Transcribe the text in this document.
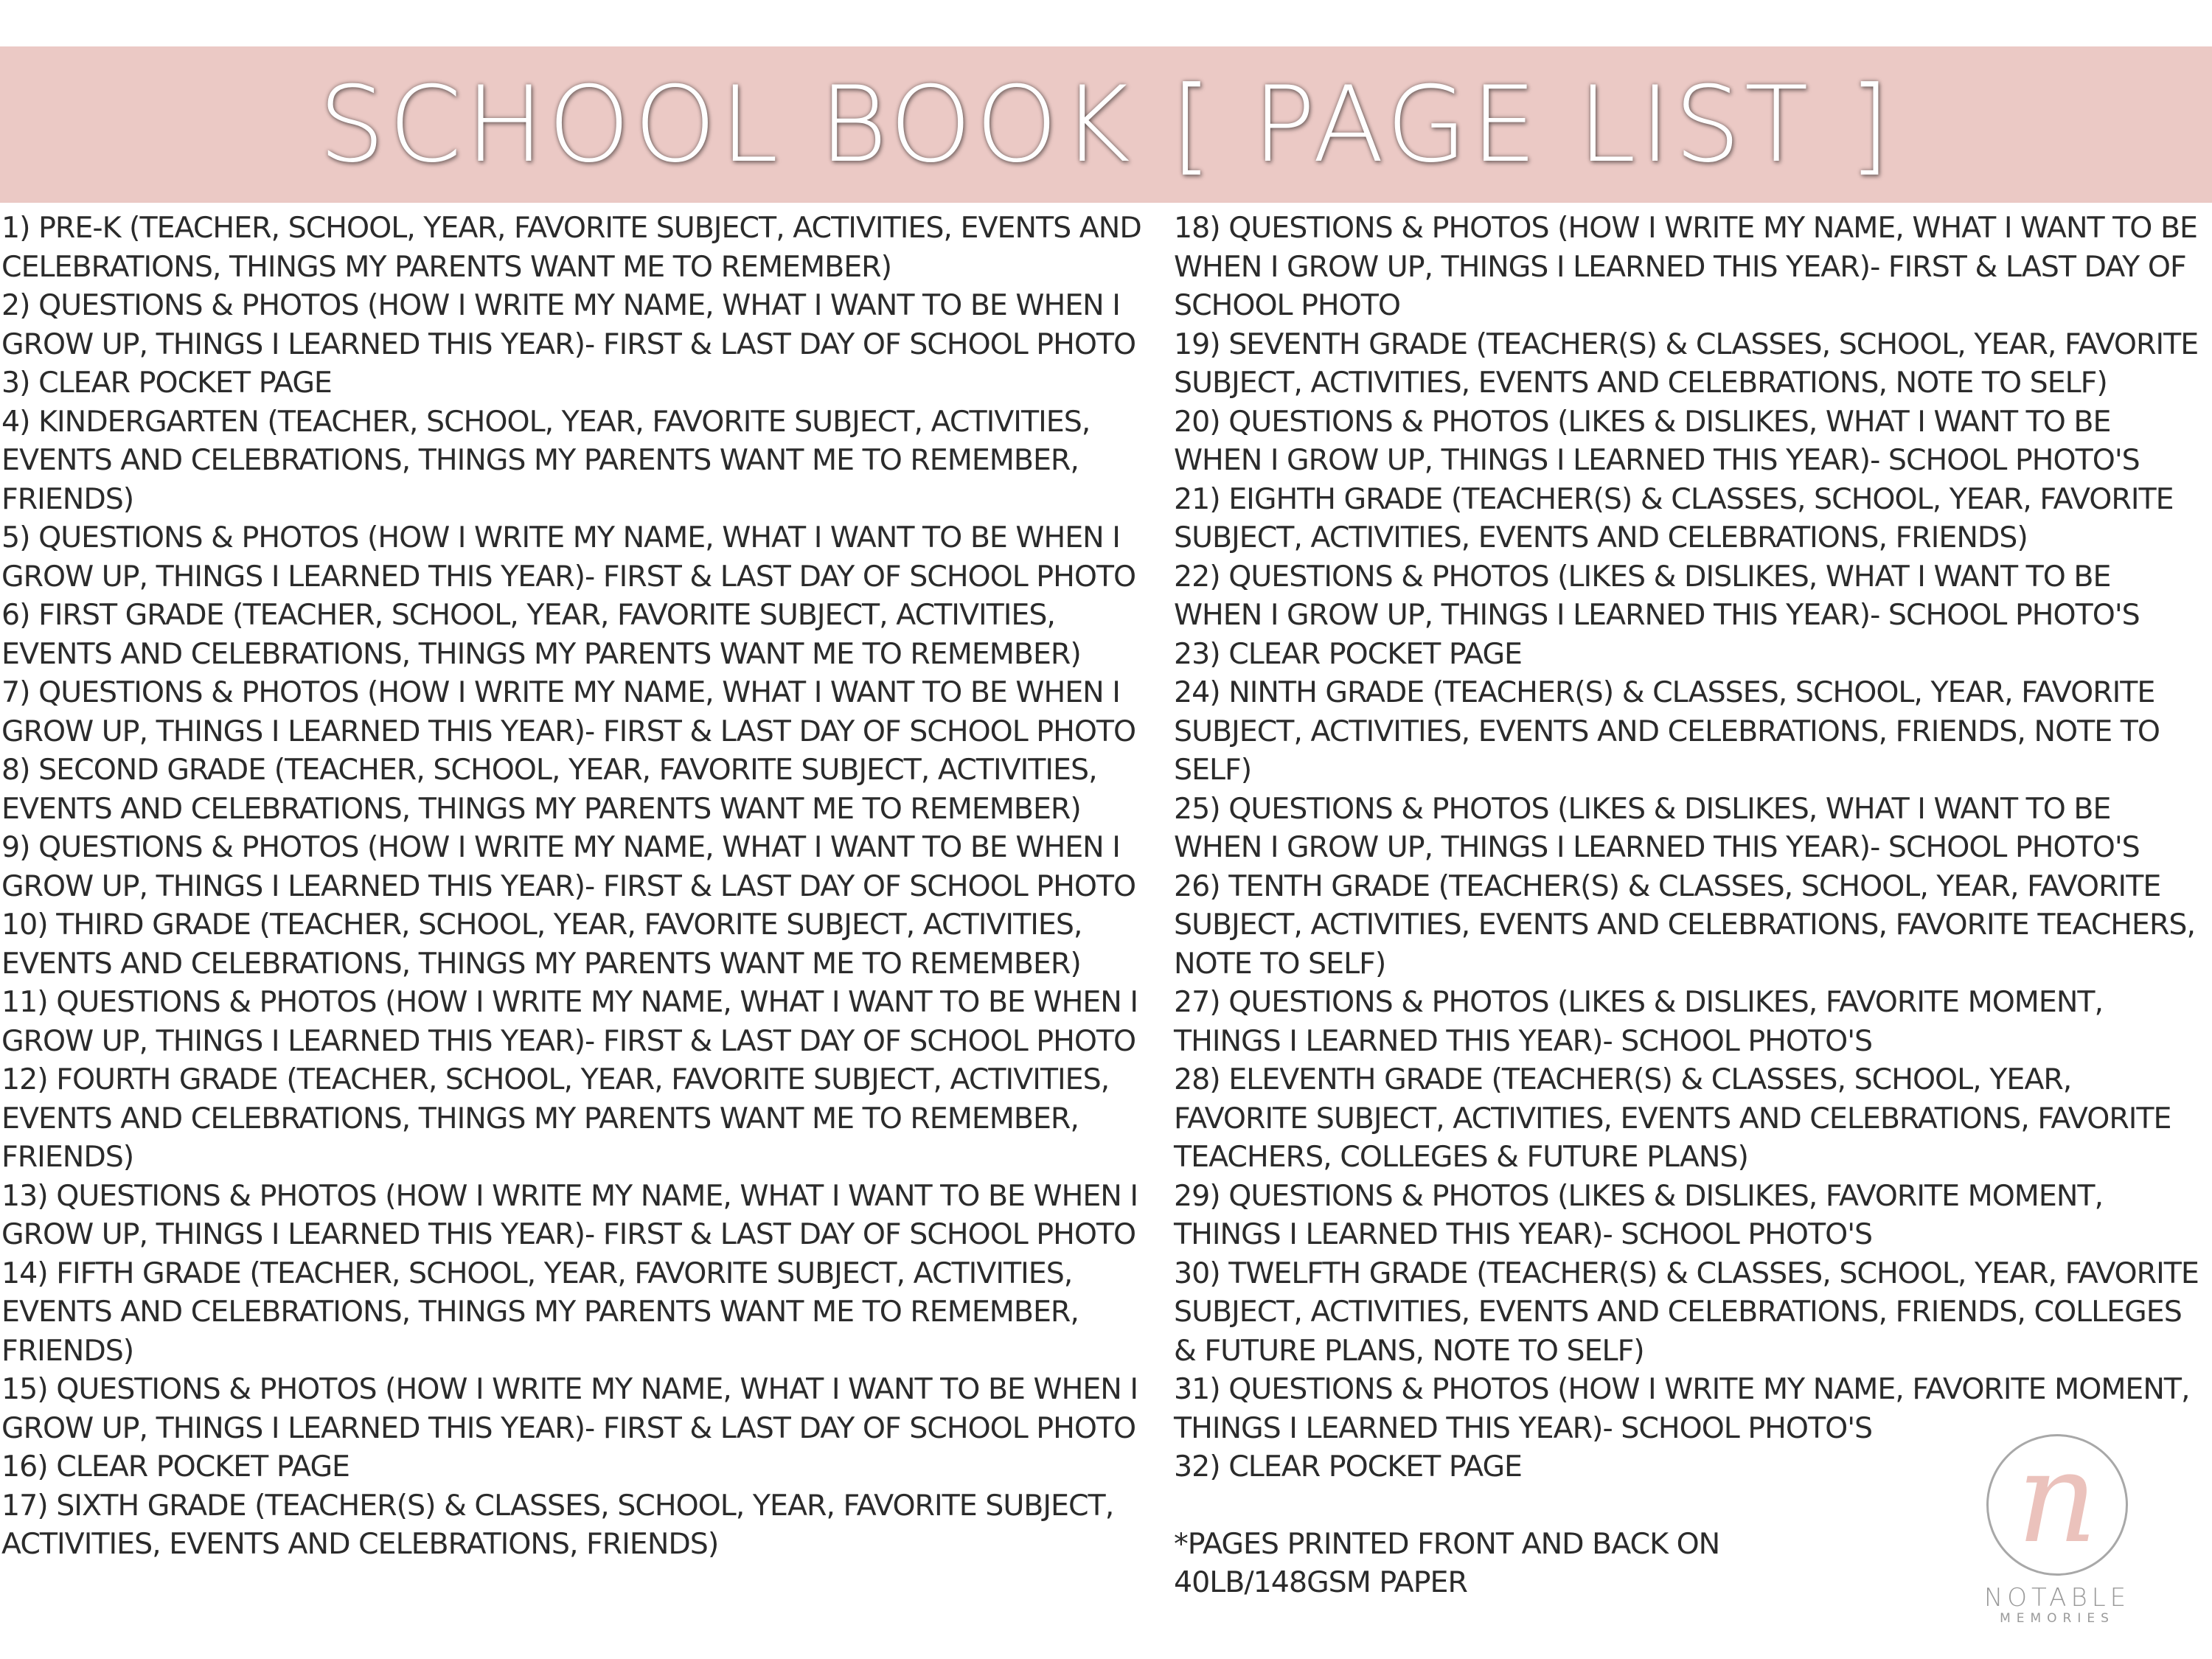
SCHOOL BOOK [ PAGE LIST ]
1) PRE-K (TEACHER, SCHOOL, YEAR, FAVORITE SUBJECT, ACTIVITIES, EVENTS AND CELEBRATIONS, THINGS MY PARENTS WANT ME TO REMEMBER)
2) QUESTIONS & PHOTOS (HOW I WRITE MY NAME, WHAT I WANT TO BE WHEN I GROW UP, THINGS I LEARNED THIS YEAR)- FIRST & LAST DAY OF SCHOOL PHOTO
3) CLEAR POCKET PAGE
4) KINDERGARTEN (TEACHER, SCHOOL, YEAR, FAVORITE SUBJECT, ACTIVITIES, EVENTS AND CELEBRATIONS, THINGS MY PARENTS WANT ME TO REMEMBER, FRIENDS)
5) QUESTIONS & PHOTOS (HOW I WRITE MY NAME, WHAT I WANT TO BE WHEN I GROW UP, THINGS I LEARNED THIS YEAR)- FIRST & LAST DAY OF SCHOOL PHOTO
6) FIRST GRADE (TEACHER, SCHOOL, YEAR, FAVORITE SUBJECT, ACTIVITIES, EVENTS AND CELEBRATIONS, THINGS MY PARENTS WANT ME TO REMEMBER)
7) QUESTIONS & PHOTOS (HOW I WRITE MY NAME, WHAT I WANT TO BE WHEN I GROW UP, THINGS I LEARNED THIS YEAR)- FIRST & LAST DAY OF SCHOOL PHOTO
8) SECOND GRADE (TEACHER, SCHOOL, YEAR, FAVORITE SUBJECT, ACTIVITIES, EVENTS AND CELEBRATIONS, THINGS MY PARENTS WANT ME TO REMEMBER)
9) QUESTIONS & PHOTOS (HOW I WRITE MY NAME, WHAT I WANT TO BE WHEN I GROW UP, THINGS I LEARNED THIS YEAR)- FIRST & LAST DAY OF SCHOOL PHOTO
10) THIRD GRADE (TEACHER, SCHOOL, YEAR, FAVORITE SUBJECT, ACTIVITIES, EVENTS AND CELEBRATIONS, THINGS MY PARENTS WANT ME TO REMEMBER)
11) QUESTIONS & PHOTOS (HOW I WRITE MY NAME, WHAT I WANT TO BE WHEN I GROW UP, THINGS I LEARNED THIS YEAR)- FIRST & LAST DAY OF SCHOOL PHOTO
12) FOURTH GRADE (TEACHER, SCHOOL, YEAR, FAVORITE SUBJECT, ACTIVITIES, EVENTS AND CELEBRATIONS, THINGS MY PARENTS WANT ME TO REMEMBER, FRIENDS)
13) QUESTIONS & PHOTOS (HOW I WRITE MY NAME, WHAT I WANT TO BE WHEN I GROW UP, THINGS I LEARNED THIS YEAR)- FIRST & LAST DAY OF SCHOOL PHOTO
14) FIFTH GRADE (TEACHER, SCHOOL, YEAR, FAVORITE SUBJECT, ACTIVITIES, EVENTS AND CELEBRATIONS, THINGS MY PARENTS WANT ME TO REMEMBER, FRIENDS)
15) QUESTIONS & PHOTOS (HOW I WRITE MY NAME, WHAT I WANT TO BE WHEN I GROW UP, THINGS I LEARNED THIS YEAR)- FIRST & LAST DAY OF SCHOOL PHOTO
16) CLEAR POCKET PAGE
17) SIXTH GRADE (TEACHER(S) & CLASSES, SCHOOL, YEAR, FAVORITE SUBJECT, ACTIVITIES, EVENTS AND CELEBRATIONS, FRIENDS)
18) QUESTIONS & PHOTOS (HOW I WRITE MY NAME, WHAT I WANT TO BE WHEN I GROW UP, THINGS I LEARNED THIS YEAR)- FIRST & LAST DAY OF SCHOOL PHOTO
19) SEVENTH GRADE (TEACHER(S) & CLASSES, SCHOOL, YEAR, FAVORITE SUBJECT, ACTIVITIES, EVENTS AND CELEBRATIONS, NOTE TO SELF)
20) QUESTIONS & PHOTOS (LIKES & DISLIKES, WHAT I WANT TO BE WHEN I GROW UP, THINGS I LEARNED THIS YEAR)- SCHOOL PHOTO'S
21) EIGHTH GRADE (TEACHER(S) & CLASSES, SCHOOL, YEAR, FAVORITE SUBJECT, ACTIVITIES, EVENTS AND CELEBRATIONS, FRIENDS)
22) QUESTIONS & PHOTOS (LIKES & DISLIKES, WHAT I WANT TO BE WHEN I GROW UP, THINGS I LEARNED THIS YEAR)- SCHOOL PHOTO'S
23) CLEAR POCKET PAGE
24) NINTH GRADE (TEACHER(S) & CLASSES, SCHOOL, YEAR, FAVORITE SUBJECT, ACTIVITIES, EVENTS AND CELEBRATIONS, FRIENDS, NOTE TO SELF)
25) QUESTIONS & PHOTOS (LIKES & DISLIKES, WHAT I WANT TO BE WHEN I GROW UP, THINGS I LEARNED THIS YEAR)- SCHOOL PHOTO'S
26) TENTH GRADE (TEACHER(S) & CLASSES, SCHOOL, YEAR, FAVORITE SUBJECT, ACTIVITIES, EVENTS AND CELEBRATIONS, FAVORITE TEACHERS, NOTE TO SELF)
27) QUESTIONS & PHOTOS (LIKES & DISLIKES, FAVORITE MOMENT, THINGS I LEARNED THIS YEAR)- SCHOOL PHOTO'S
28) ELEVENTH GRADE (TEACHER(S) & CLASSES, SCHOOL, YEAR, FAVORITE SUBJECT, ACTIVITIES, EVENTS AND CELEBRATIONS, FAVORITE TEACHERS, COLLEGES & FUTURE PLANS)
29) QUESTIONS & PHOTOS (LIKES & DISLIKES, FAVORITE MOMENT, THINGS I LEARNED THIS YEAR)- SCHOOL PHOTO'S
30) TWELFTH GRADE (TEACHER(S) & CLASSES, SCHOOL, YEAR, FAVORITE SUBJECT, ACTIVITIES, EVENTS AND CELEBRATIONS, FRIENDS, COLLEGES & FUTURE PLANS, NOTE TO SELF)
31) QUESTIONS & PHOTOS (HOW I WRITE MY NAME, FAVORITE MOMENT, THINGS I LEARNED THIS YEAR)- SCHOOL PHOTO'S
32) CLEAR POCKET PAGE
*PAGES PRINTED FRONT AND BACK ON
40LB/148GSM PAPER
n
NOTABLE
MEMORIES
